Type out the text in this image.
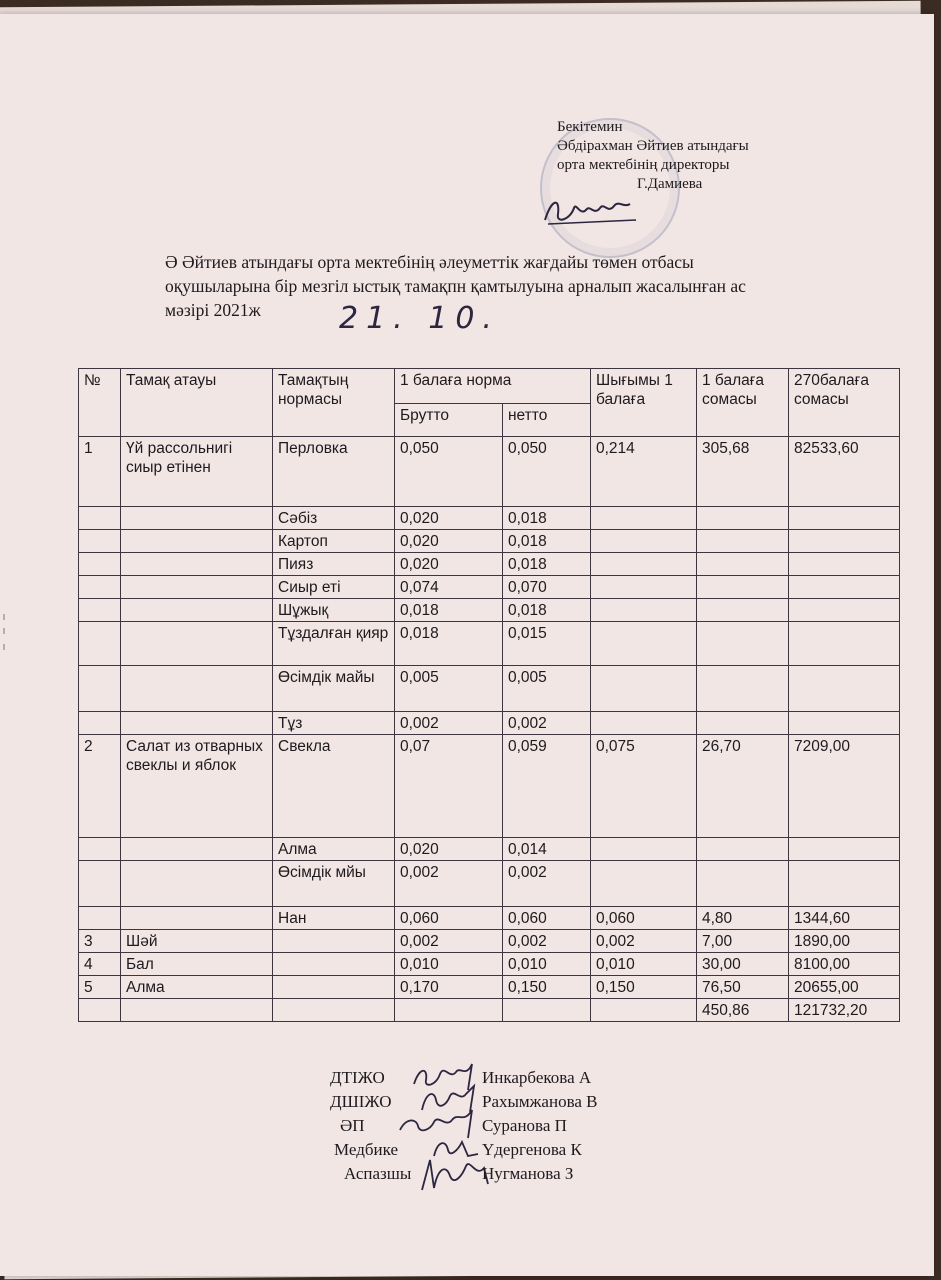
Бекітемин
Әбдірахман Әйтиев атындағы
орта мектебінің директоры
Г.Дамиева
Ә Әйтиев атындағы орта мектебінің әлеуметтік жағдайы төмен отбасы
оқушыларына бір мезгіл ыстық тамақпн қамтылуына арналып жасалынған ас
мәзірі 2021ж	21. 10.
№	Тамақ атауы	Тамақтың нормасы	1 балаға норма		Шығымы 1 балаға	1 балаға сомасы	270балаға сомасы
			Брутто	нетто			
1	Үй рассольнигі сиыр етінен	Перловка	0,050	0,050	0,214	305,68	82533,60
		Сәбіз	0,020	0,018			
		Картоп	0,020	0,018			
		Пияз	0,020	0,018			
		Сиыр еті	0,074	0,070			
		Шұжық	0,018	0,018			
		Тұздалған қияр	0,018	0,015			
		Өсімдік майы	0,005	0,005			
		Тұз	0,002	0,002			
2	Салат из отварных свеклы и яблок	Свекла	0,07	0,059	0,075	26,70	7209,00
		Алма	0,020	0,014			
		Өсімдік мйы	0,002	0,002			
		Нан	0,060	0,060	0,060	4,80	1344,60
3	Шәй		0,002	0,002	0,002	7,00	1890,00
4	Бал		0,010	0,010	0,010	30,00	8100,00
5	Алма		0,170	0,150	0,150	76,50	20655,00
						450,86	121732,20
ДТІЖО	Инкарбекова А
ДШІЖО	Рахымжанова В
ӘП	Суранова П
Медбике	Үдергенова К
Аспазшы	Нугманова З
